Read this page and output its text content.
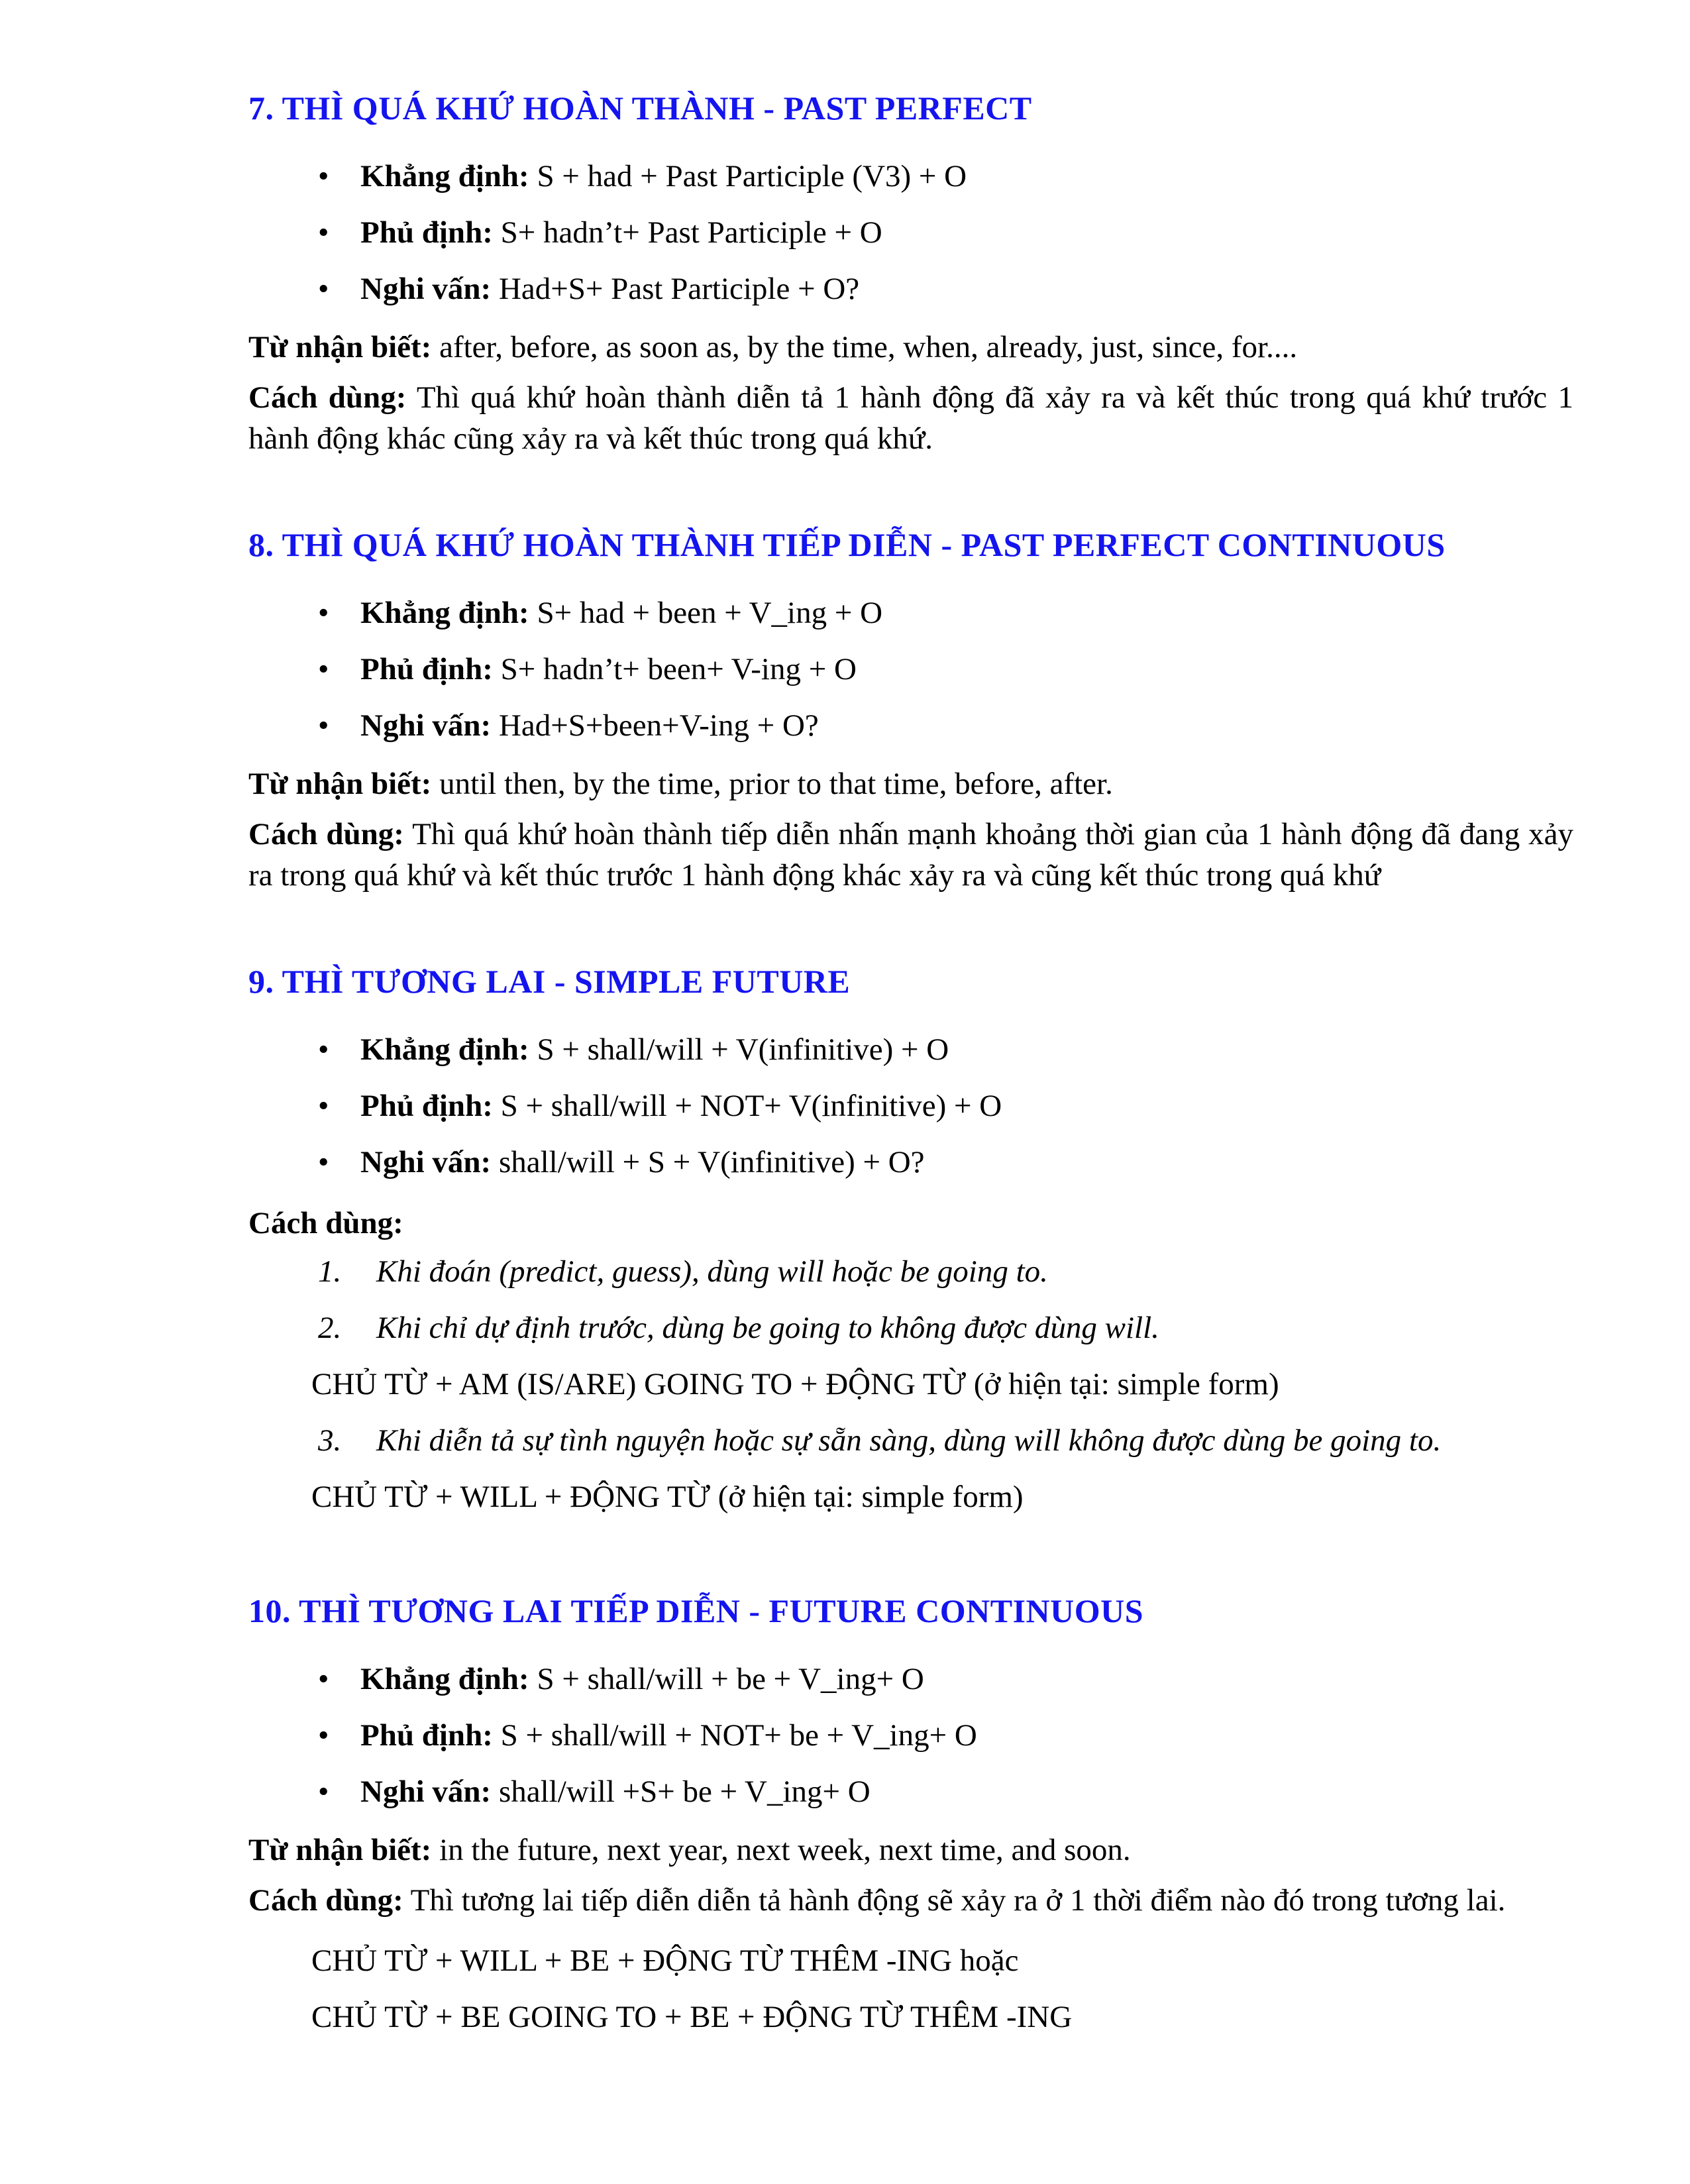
7. THÌ QUÁ KHỨ HOÀN THÀNH - PAST PERFECT
•	Khẳng định: S + had + Past Participle (V3) + O

•	Phủ định: S+ hadn’t+ Past Participle + O

•	Nghi vấn: Had+S+ Past Participle + O?

Từ nhận biết: after, before, as soon as, by the time, when, already, just, since, for....

Cách dùng: Thì quá khứ hoàn thành diễn tả 1 hành động đã xảy ra và kết thúc trong quá khứ trước 1 hành động khác cũng xảy ra và kết thúc trong quá khứ.

8. THÌ QUÁ KHỨ HOÀN THÀNH TIẾP DIỄN - PAST PERFECT CONTINUOUS
•	Khẳng định: S+ had + been + V_ing + O

•	Phủ định: S+ hadn’t+ been+ V-ing + O

•	Nghi vấn: Had+S+been+V-ing + O?

Từ nhận biết: until then, by the time, prior to that time, before, after.

Cách dùng: Thì quá khứ hoàn thành tiếp diễn nhấn mạnh khoảng thời gian của 1 hành động đã đang xảy ra trong quá khứ và kết thúc trước 1 hành động khác xảy ra và cũng kết thúc trong quá khứ

9. THÌ TƯƠNG LAI - SIMPLE FUTURE
•	Khẳng định: S + shall/will + V(infinitive) + O

•	Phủ định: S + shall/will + NOT+ V(infinitive) + O

•	Nghi vấn: shall/will + S + V(infinitive) + O?

Cách dùng:

1.	Khi đoán (predict, guess), dùng will hoặc be going to.

2.	Khi chỉ dự định trước, dùng be going to không được dùng will.

CHỦ TỪ + AM (IS/ARE) GOING TO + ĐỘNG TỪ (ở hiện tại: simple form)

3.	Khi diễn tả sự tình nguyện hoặc sự sẵn sàng, dùng will không được dùng be going to.

CHỦ TỪ + WILL + ĐỘNG TỪ (ở hiện tại: simple form)

10. THÌ TƯƠNG LAI TIẾP DIỄN - FUTURE CONTINUOUS
•	Khẳng định: S + shall/will + be + V_ing+ O

•	Phủ định: S + shall/will + NOT+ be + V_ing+ O

•	Nghi vấn: shall/will +S+ be + V_ing+ O

Từ nhận biết: in the future, next year, next week, next time, and soon.

Cách dùng: Thì tương lai tiếp diễn diễn tả hành động sẽ xảy ra ở 1 thời điểm nào đó trong tương lai.

CHỦ TỪ + WILL + BE + ĐỘNG TỪ THÊM -ING hoặc

CHỦ TỪ + BE GOING TO + BE + ĐỘNG TỪ THÊM -ING
